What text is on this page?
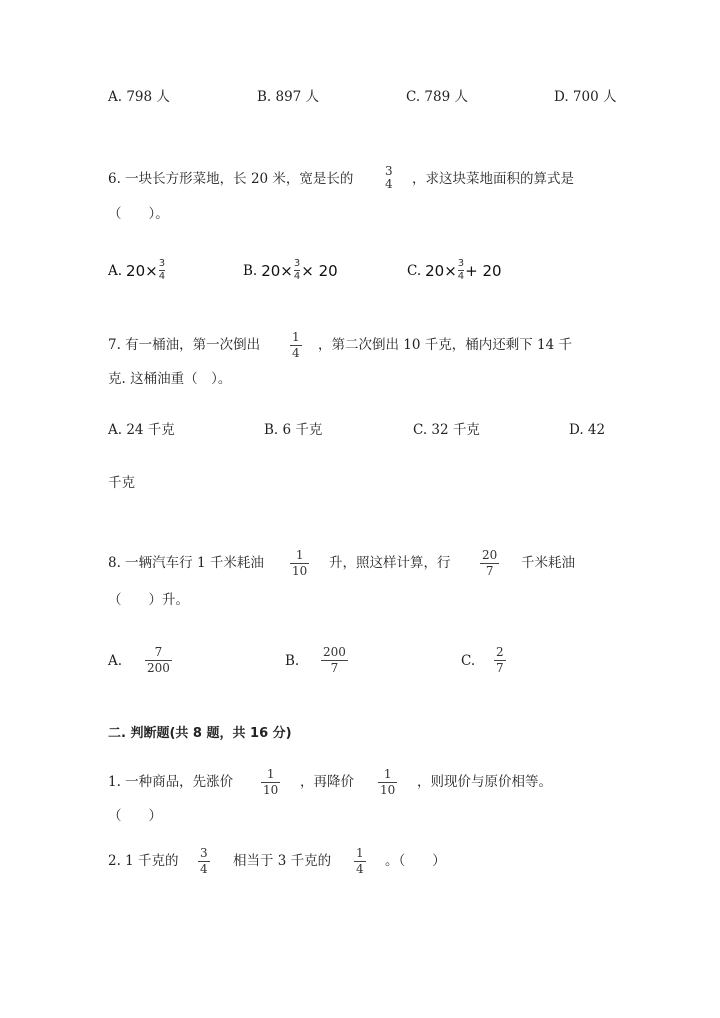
A. 798 人	B. 897 人	C. 789 人	D. 700 人
6. 一块长方形菜地，长 20 米，宽是长的	3
4 ，求这块菜地面积的算式是
（　　）。
A. $20\times \frac{3}{4}$	B. $20\times \frac{3}{4} \times 20$	C. $20\times \frac{3}{4} + 20$
7. 有一桶油，第一次倒出	1
4 ，第二次倒出 10 千克，桶内还剩下 14 千
克. 这桶油重（　）。
A. 24 千克	B. 6 千克	C. 32 千克	D. 42
千克
8. 一辆汽车行 1 千米耗油	1
10 升，照这样计算，行	20
7 千米耗油
（　　）升。
A.
7
200	B.
200
7	C.
2
7
二. 判断题(共 8 题，共 16 分)
1. 一种商品，先涨价	1
10 ，再降价 1
10 ，则现价与原价相等。
（　　）
2. 1 千克的 3
4 相当于 3 千克的 1
4 。（　　）
